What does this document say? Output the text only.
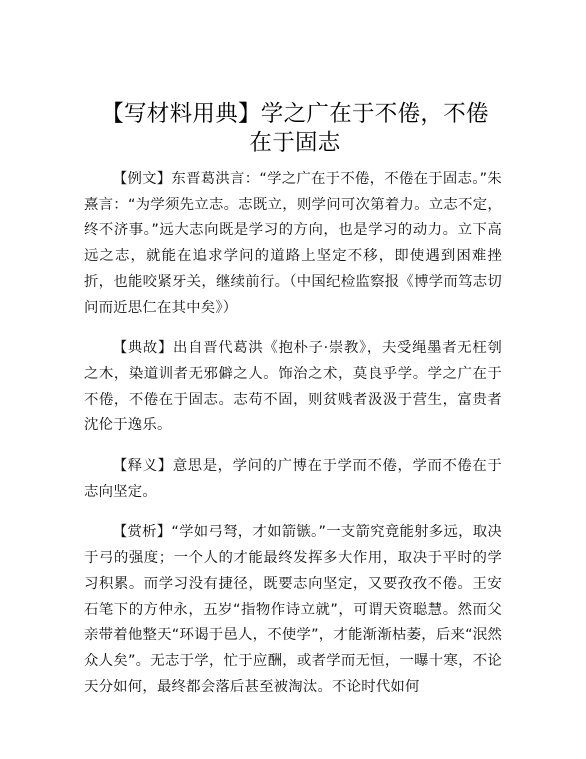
【写材料用典】学之广在于不倦，不倦在于固志

【例文】东晋葛洪言：“学之广在于不倦，不倦在于固志。”朱熹言：“为学须先立志。志既立，则学问可次第着力。立志不定，终不济事。”远大志向既是学习的方向，也是学习的动力。立下高远之志，就能在追求学问的道路上坚定不移，即使遇到困难挫折，也能咬紧牙关，继续前行。（中国纪检监察报《博学而笃志切问而近思仁在其中矣》）

【典故】出自晋代葛洪《抱朴子·崇教》，夫受绳墨者无枉刳之木，染道训者无邪僻之人。饰治之术，莫良乎学。学之广在于不倦，不倦在于固志。志苟不固，则贫贱者汲汲于营生，富贵者沈伦于逸乐。

【释义】意思是，学问的广博在于学而不倦，学而不倦在于志向坚定。

【赏析】“学如弓弩，才如箭镞。”一支箭究竟能射多远，取决于弓的强度；一个人的才能最终发挥多大作用，取决于平时的学习积累。而学习没有捷径，既要志向坚定，又要孜孜不倦。王安石笔下的方仲永，五岁“指物作诗立就”，可谓天资聪慧。然而父亲带着他整天“环谒于邑人，不使学”，才能渐渐枯萎，后来“泯然众人矣”。无志于学，忙于应酬，或者学而无恒，一曝十寒，不论天分如何，最终都会落后甚至被淘汰。不论时代如何
